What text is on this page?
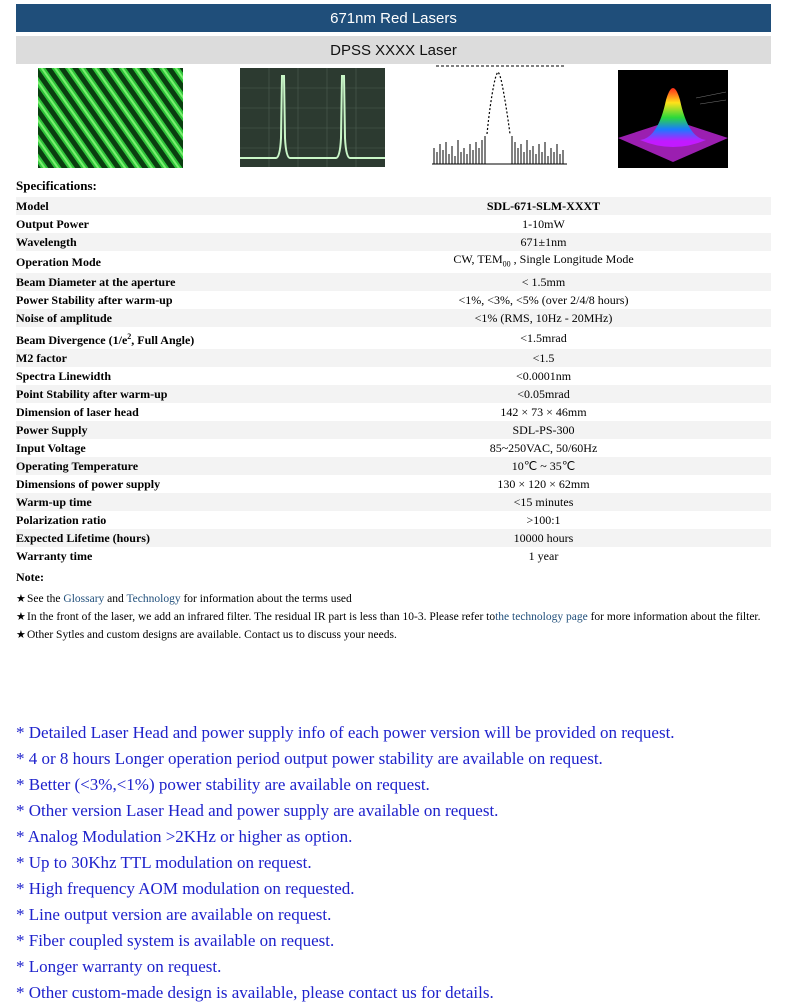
671nm Red Lasers
DPSS XXXX Laser
Specifications:
Model	SDL-671-SLM-XXXT
Output Power	1-10mW
Wavelength	671±1nm
Operation Mode	CW, $TEM_{00}$ , Single Longitude Mode
Beam Diameter at the aperture	< 1.5mm
Power Stability after warm-up	<1%, <3%, <5% (over 2/4/8 hours)
Noise of amplitude	<1% (RMS, 10Hz - 20MHz)
Beam Divergence ($1/e^2$, Full Angle)	<1.5mrad
M2 factor	<1.5
Spectra Linewidth	<0.0001nm
Point Stability after warm-up	<0.05mrad
Dimension of laser head	142 × 73 × 46mm
Power Supply	SDL-PS-300
Input Voltage	85~250VAC, 50/60Hz
Operating Temperature	10℃ ~ 35℃
Dimensions of power supply	130 × 120 × 62mm
Warm-up time	<15 minutes
Polarization ratio	>100:1
Expected Lifetime (hours)	10000 hours
Warranty time	1 year
Note:
★ See the Glossary and Technology for information about the terms used
★ In the front of the laser, we add an infrared filter. The residual IR part is less than 10-3. Please refer tothe technology page for more information about the filter.
★ Other Sytles and custom designs are available. Contact us to discuss your needs.
* Detailed Laser Head and power supply info of each power version will be provided on request.
* 4 or 8 hours Longer operation period output power stability are available on request.
* Better (<3%,<1%) power stability are available on request.
* Other version Laser Head and power supply are available on request.
* Analog Modulation >2KHz or higher as option.
* Up to 30Khz TTL modulation on request.
* High frequency AOM modulation on requested.
* Line output version are available on request.
* Fiber coupled system is available on request.
* Longer warranty on request.
* Other custom-made design is available, please contact us for details.
